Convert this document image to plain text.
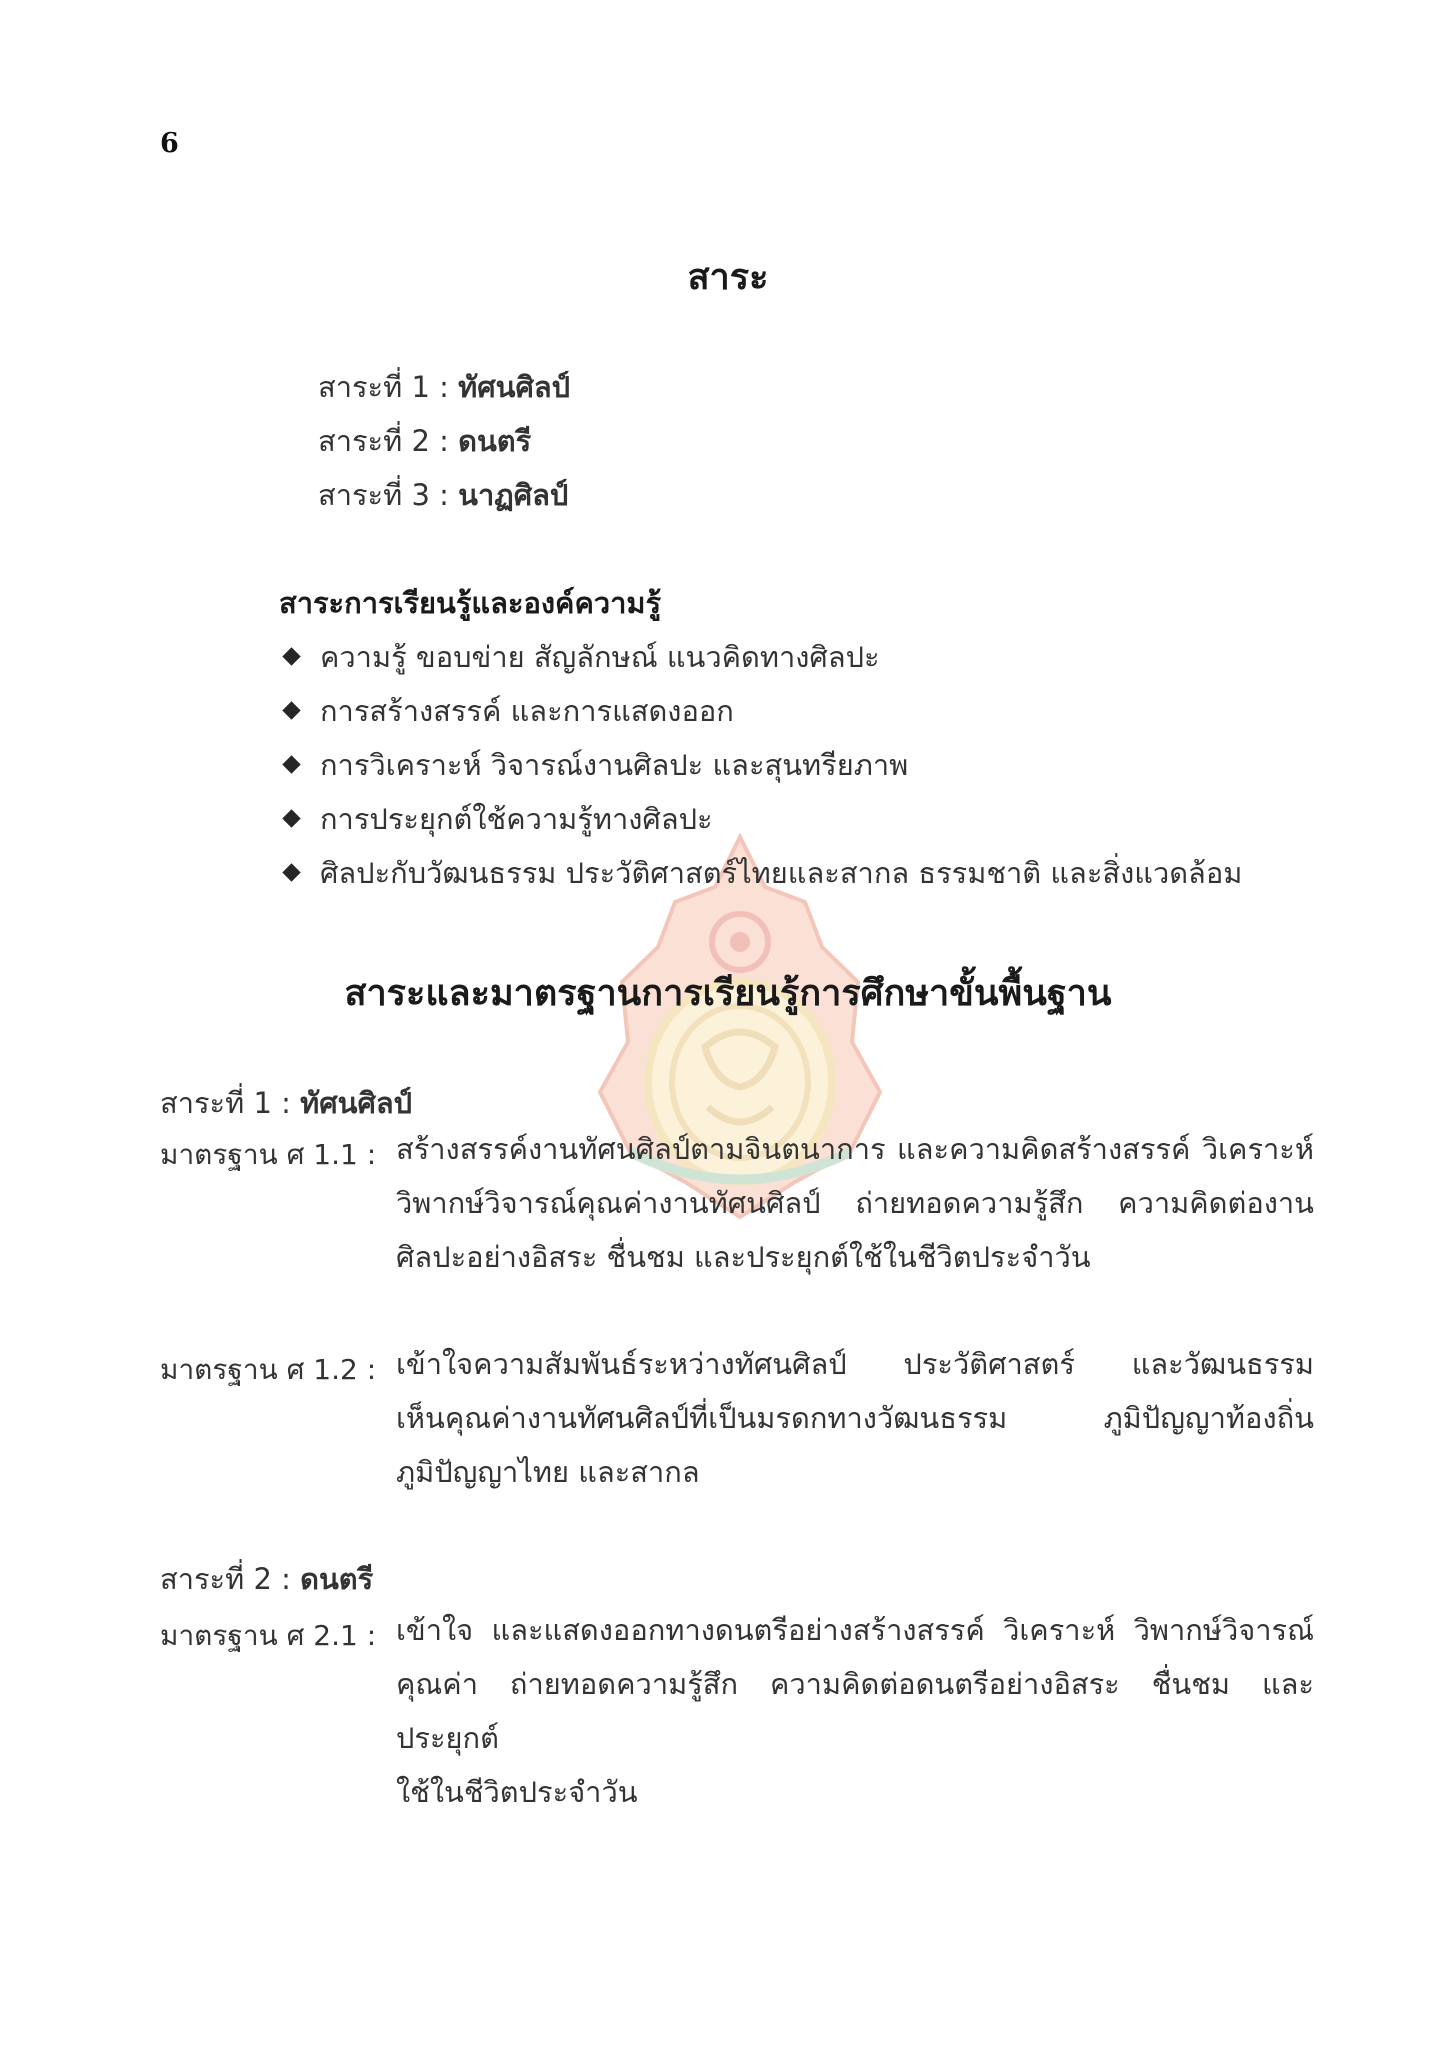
6
สาระ
สาระที่ 1 : ทัศนศิลป์
สาระที่ 2 : ดนตรี
สาระที่ 3 : นาฏศิลป์
สาระการเรียนรู้และองค์ความรู้
ความรู้ ขอบข่าย สัญลักษณ์ แนวคิดทางศิลปะ
การสร้างสรรค์ และการแสดงออก
การวิเคราะห์ วิจารณ์งานศิลปะ และสุนทรียภาพ
การประยุกต์ใช้ความรู้ทางศิลปะ
ศิลปะกับวัฒนธรรม ประวัติศาสตร์ไทยและสากล ธรรมชาติ และสิ่งแวดล้อม
สาระและมาตรฐานการเรียนรู้การศึกษาขั้นพื้นฐาน
สาระที่ 1 : ทัศนศิลป์
มาตรฐาน ศ 1.1 : สร้างสรรค์งานทัศนศิลป์ตามจินตนาการ และความคิดสร้างสรรค์ วิเคราะห์
วิพากษ์วิจารณ์คุณค่างานทัศนศิลป์ ถ่ายทอดความรู้สึก ความคิดต่องาน
ศิลปะอย่างอิสระ ชื่นชม และประยุกต์ใช้ในชีวิตประจำวัน
มาตรฐาน ศ 1.2 : เข้าใจความสัมพันธ์ระหว่างทัศนศิลป์ ประวัติศาสตร์ และวัฒนธรรม
เห็นคุณค่างานทัศนศิลป์ที่เป็นมรดกทางวัฒนธรรม ภูมิปัญญาท้องถิ่น
ภูมิปัญญาไทย และสากล
สาระที่ 2 : ดนตรี
มาตรฐาน ศ 2.1 : เข้าใจ และแสดงออกทางดนตรีอย่างสร้างสรรค์ วิเคราะห์ วิพากษ์วิจารณ์
คุณค่า ถ่ายทอดความรู้สึก ความคิดต่อดนตรีอย่างอิสระ ชื่นชม และประยุกต์
ใช้ในชีวิตประจำวัน
